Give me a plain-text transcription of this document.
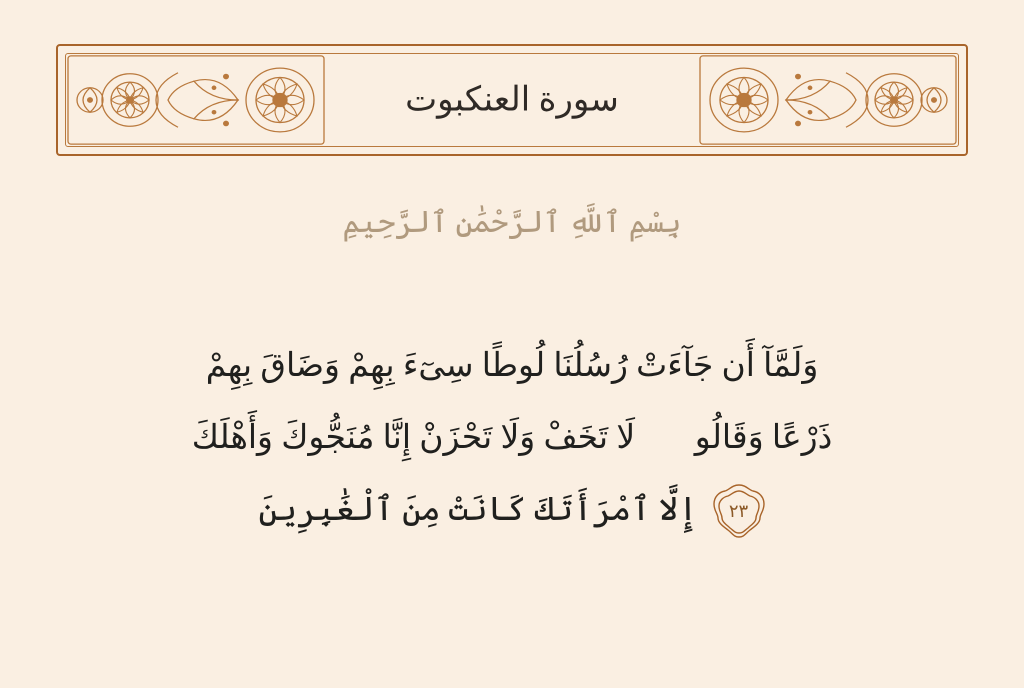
سورة العنكبوت
بِسْمِ ٱللَّهِ ٱلرَّحْمَٰنِ ٱلرَّحِيمِ
وَلَمَّآ أَن جَآءَتْ رُسُلُنَا لُوطًا سِىٓءَ بِهِمْ وَضَاقَ بِهِمْ
ذَرْعًا وَقَالُوا۟ لَا تَخَفْ وَلَا تَحْزَنْ إِنَّا مُنَجُّوكَ وَأَهْلَكَ
٢٣
إِلَّا ٱمْرَأَتَكَ كَانَتْ مِنَ ٱلْغَٰبِرِينَ
